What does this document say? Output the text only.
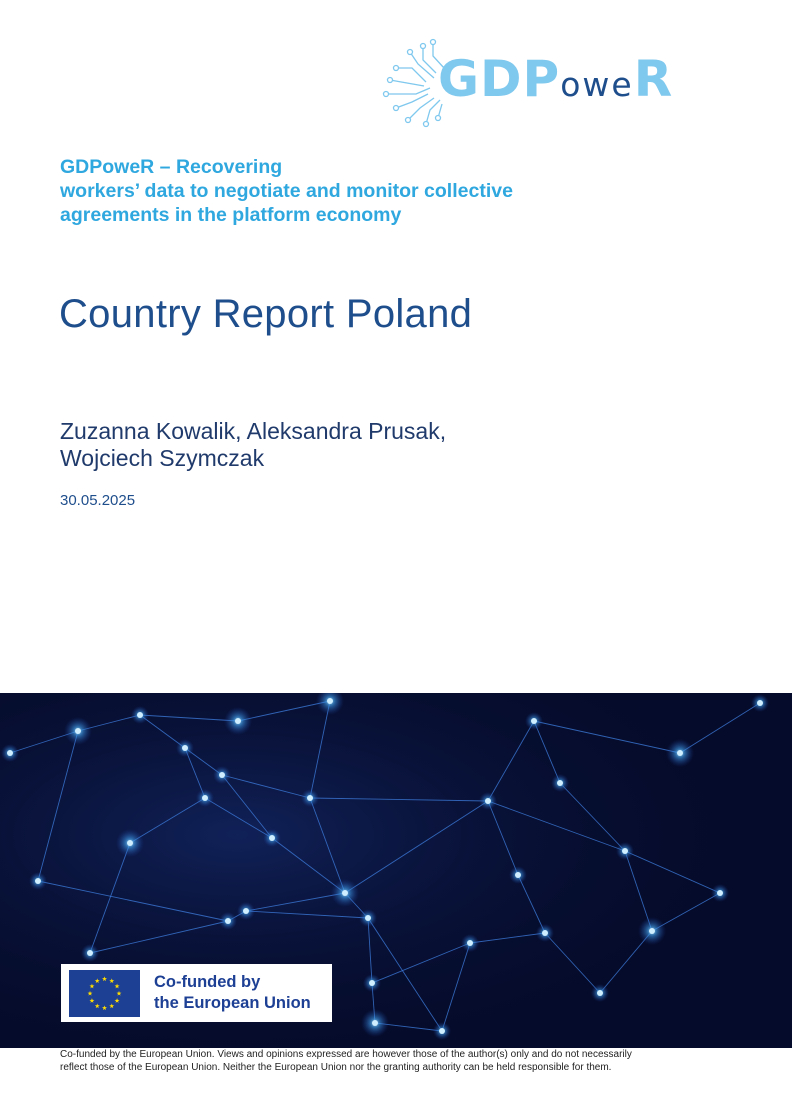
GDPoweR
GDPoweR – Recovering
workers’ data to negotiate and monitor collective
agreements in the platform economy
Country Report Poland
Zuzanna Kowalik, Aleksandra Prusak,
Wojciech Szymczak
30.05.2025
Co-funded by
the European Union
Co-funded by the European Union. Views and opinions expressed are however those of the author(s) only and do not necessarily
reflect those of the European Union. Neither the European Union nor the granting authority can be held responsible for them.
